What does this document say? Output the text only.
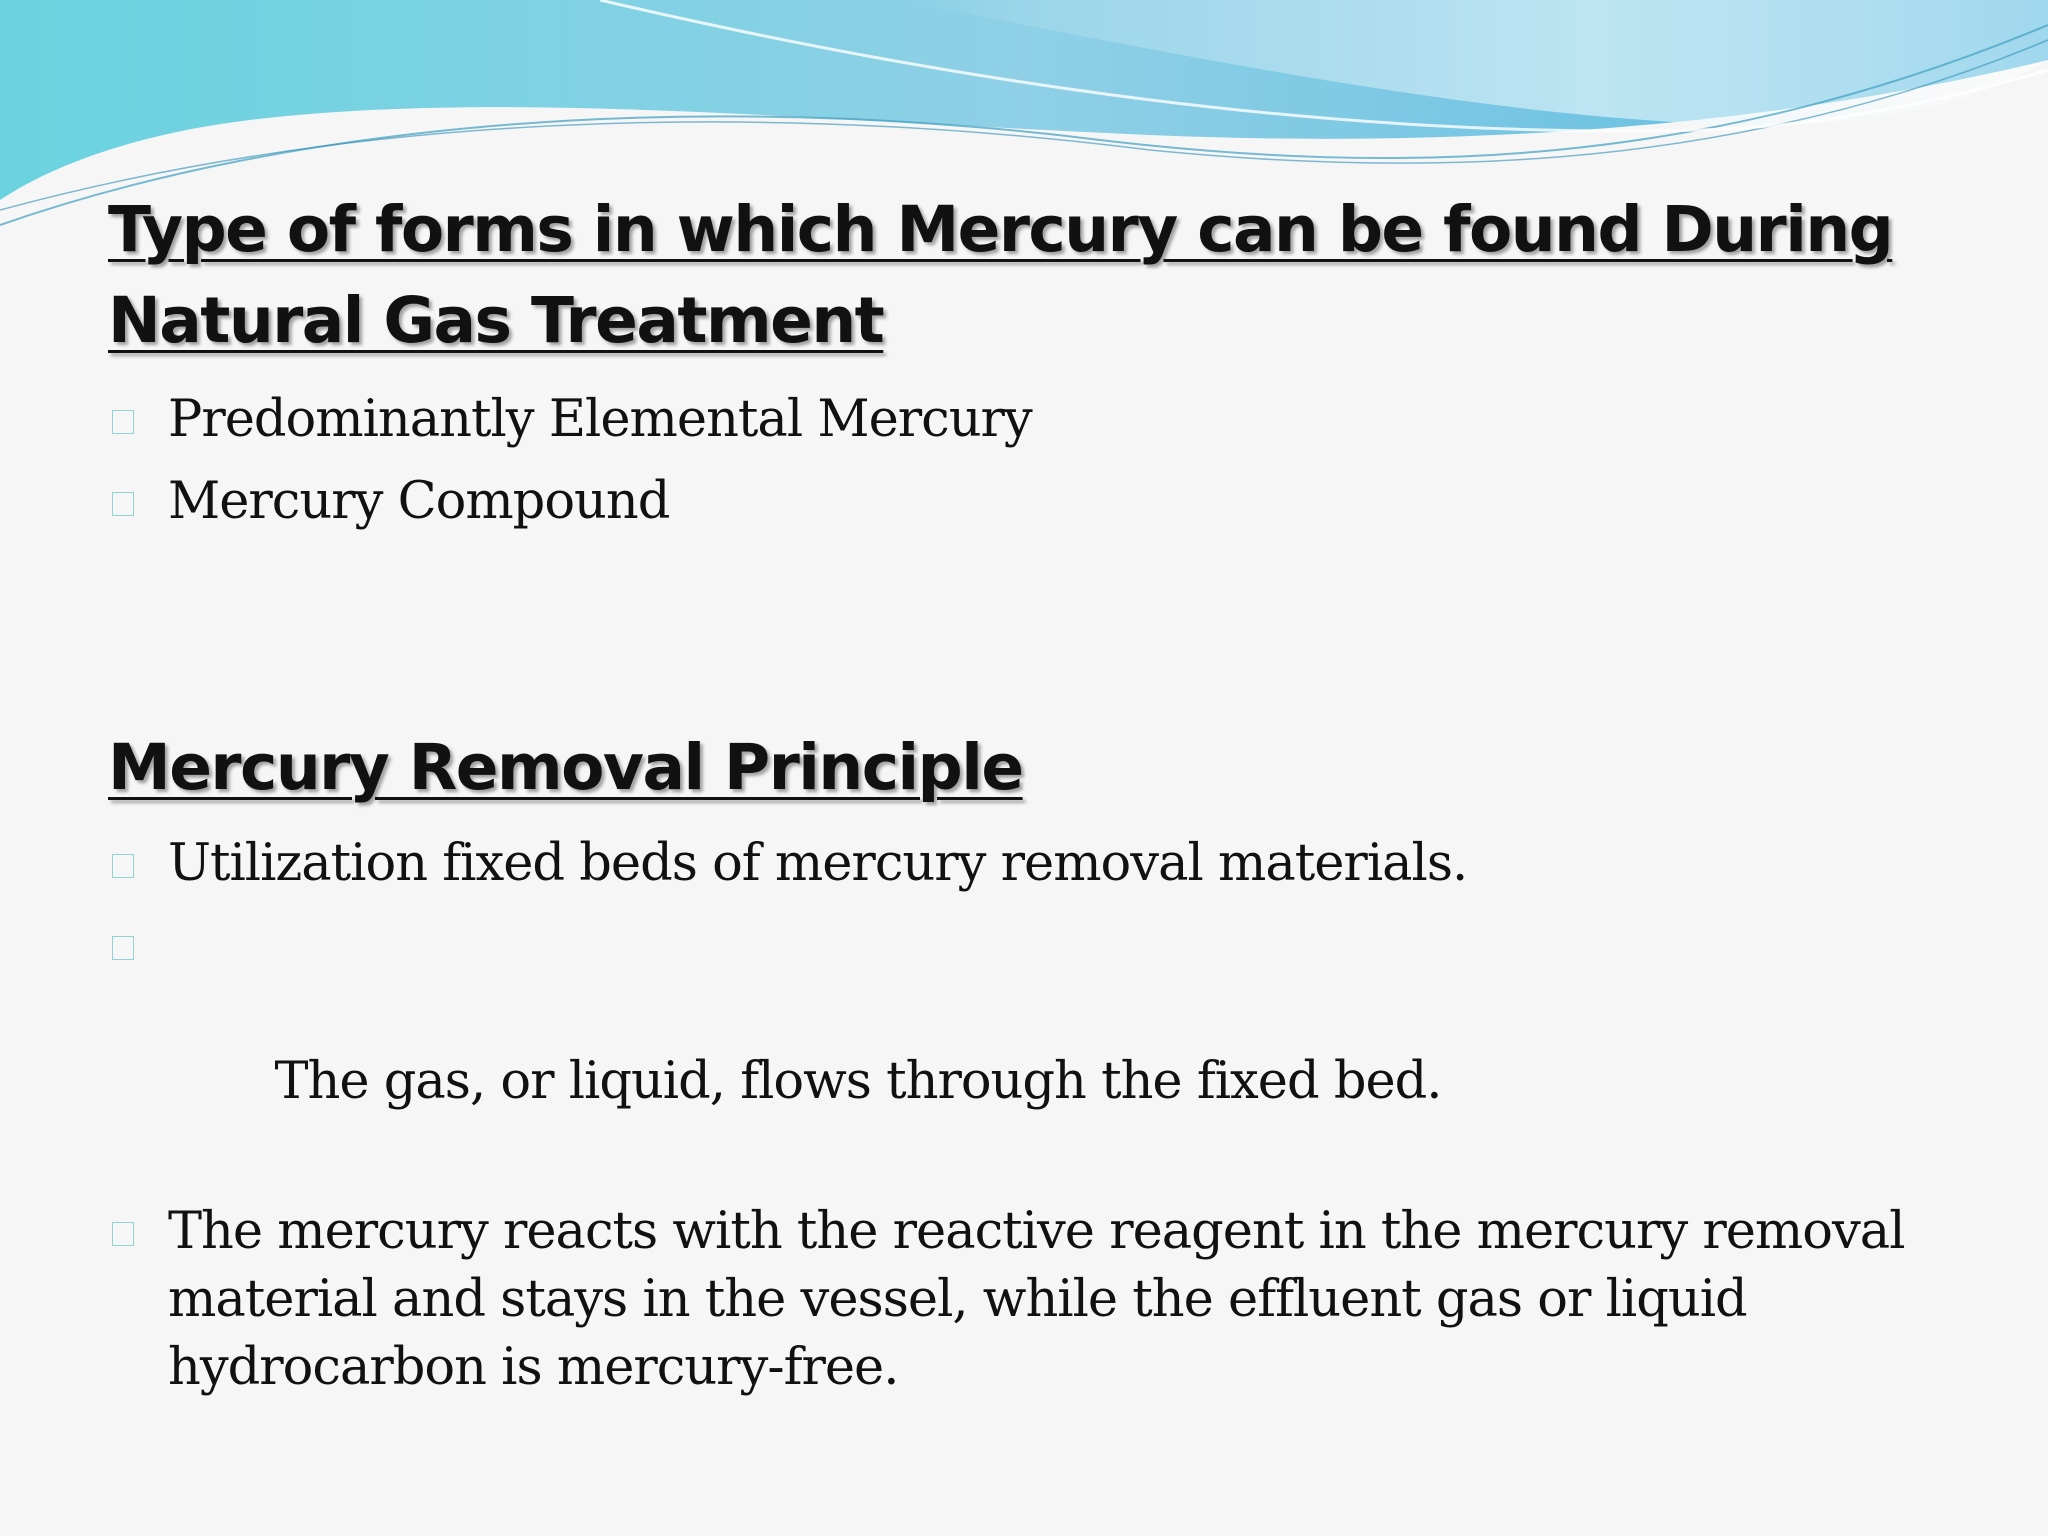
Type of forms in which Mercury can be found During Natural Gas Treatment
Predominantly Elemental Mercury
Mercury Compound
Mercury Removal Principle
Utilization fixed beds of mercury removal materials.

The gas, or liquid, flows through the fixed bed.

The mercury reacts with the reactive reagent in the mercury removal material and stays in the vessel, while the effluent gas or liquid hydrocarbon is mercury-free.
